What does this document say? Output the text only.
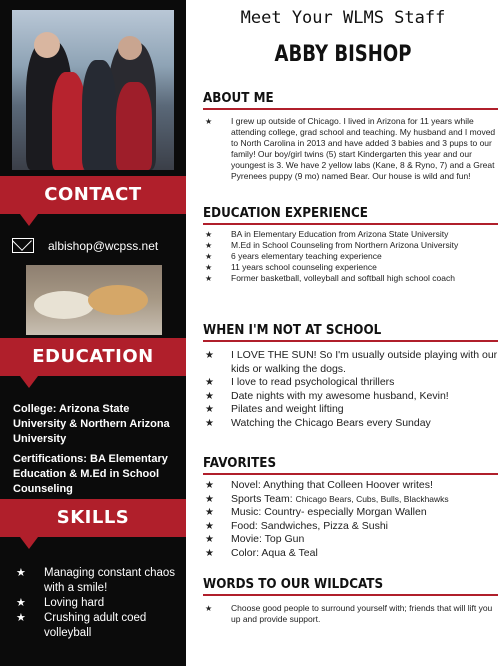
CONTACT
albishop@wcpss.net
EDUCATION
College: Arizona State University & Northern Arizona University
Certifications: BA Elementary Education & M.Ed in School Counseling
SKILLS
★ Managing constant chaos with a smile!
★ Loving hard
★ Crushing adult coed volleyball
Meet Your WLMS Staff
ABBY BISHOP
ABOUT ME
★ I grew up outside of Chicago. I lived in Arizona for 11 years while attending college, grad school and teaching. My husband and I moved to North Carolina in 2013 and have added 3 babies and 3 pups to our family! Our boy/girl twins (5) start Kindergarten this year and our youngest is 3. We have 2 yellow labs (Kane, 8 & Ryno, 7) and a Great Pyrenees puppy (9 mo) named Bear. Our house is wild and fun!
EDUCATION EXPERIENCE
★ BA in Elementary Education from Arizona State University
★ M.Ed in School Counseling from Northern Arizona University
★ 6 years elementary teaching experience
★ 11 years school counseling experience
★ Former basketball, volleyball and softball high school coach
WHEN I'M NOT AT SCHOOL
★ I LOVE THE SUN! So I'm usually outside playing with our kids or walking the dogs.
★ I love to read psychological thrillers
★ Date nights with my awesome husband, Kevin!
★ Pilates and weight lifting
★ Watching the Chicago Bears every Sunday
FAVORITES
★ Novel: Anything that Colleen Hoover writes!
★ Sports Team: Chicago Bears, Cubs, Bulls, Blackhawks
★ Music: Country- especially Morgan Wallen
★ Food: Sandwiches, Pizza & Sushi
★ Movie: Top Gun
★ Color: Aqua & Teal
WORDS TO OUR WILDCATS
★ Choose good people to surround yourself with; friends that will lift you up and provide support.
